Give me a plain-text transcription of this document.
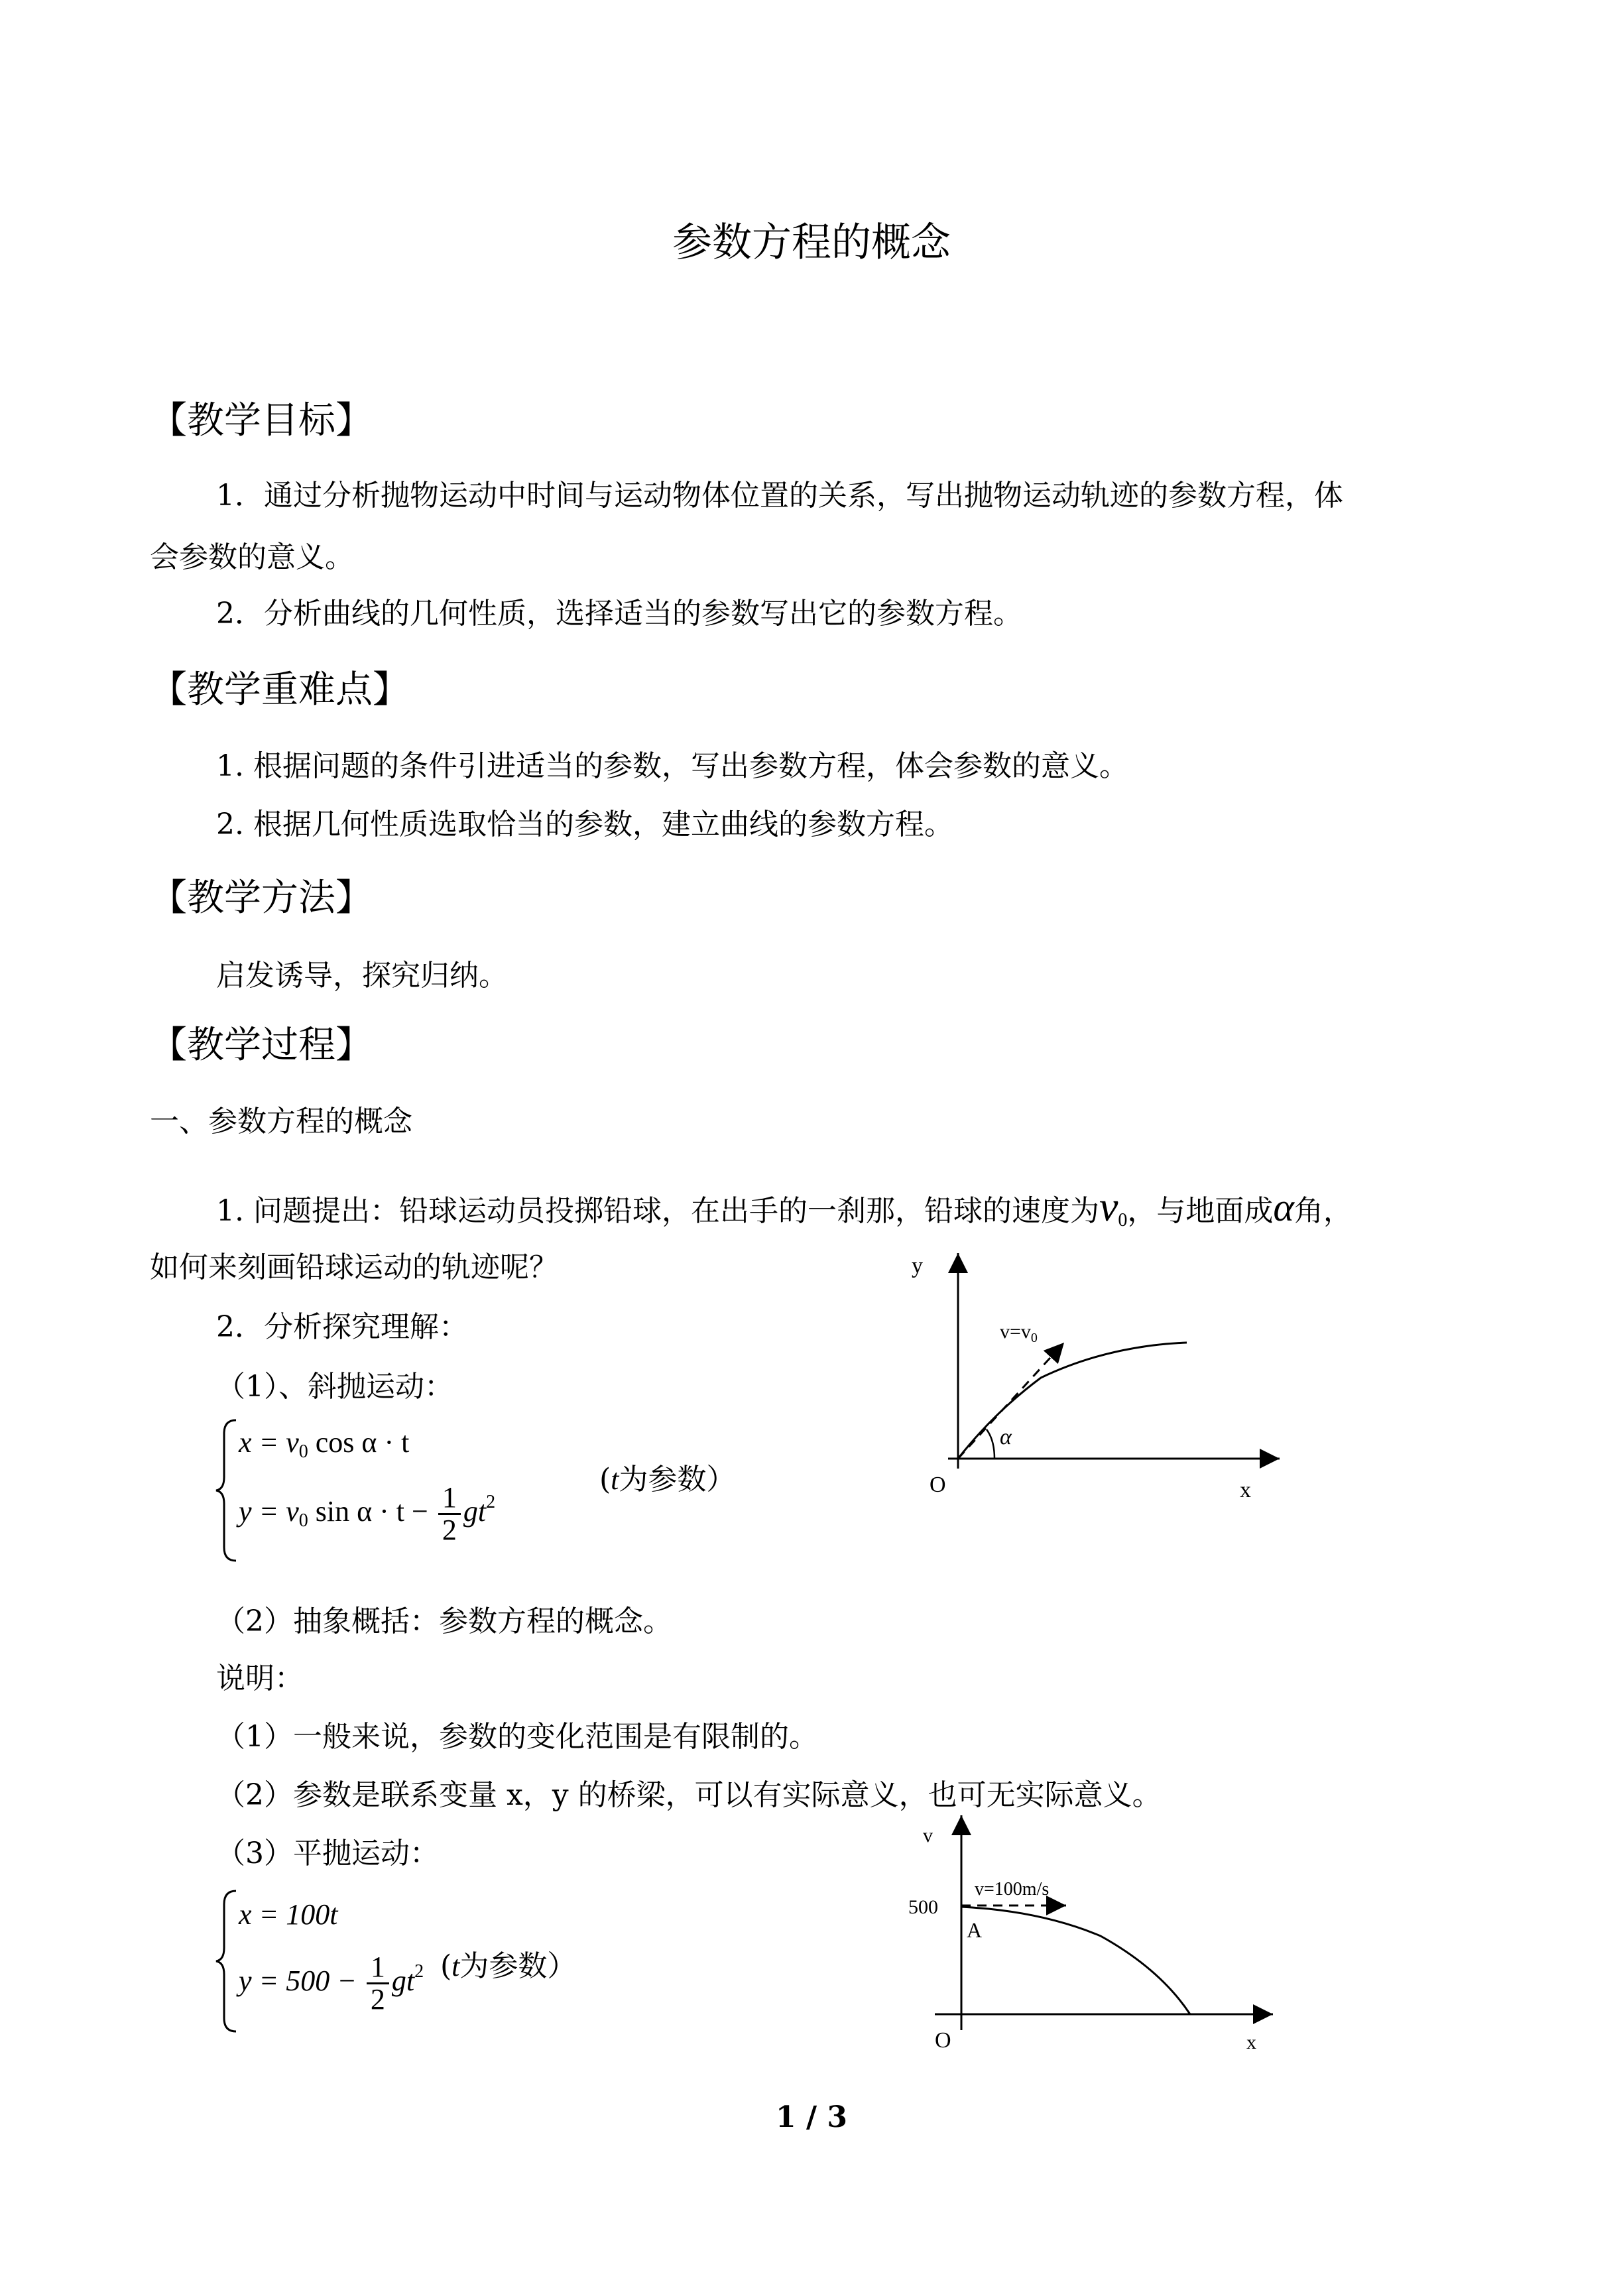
参数方程的概念
【教学目标】
1．通过分析抛物运动中时间与运动物体位置的关系，写出抛物运动轨迹的参数方程，体
会参数的意义。
2．分析曲线的几何性质，选择适当的参数写出它的参数方程。
【教学重难点】
1. 根据问题的条件引进适当的参数，写出参数方程，体会参数的意义。
2. 根据几何性质选取恰当的参数，建立曲线的参数方程。
【教学方法】
启发诱导，探究归纳。
【教学过程】
一、参数方程的概念
1. 问题提出：铅球运动员投掷铅球，在出手的一刹那，铅球的速度为$v_0$，与地面成α角，
如何来刻画铅球运动的轨迹呢？
2．分析探究理解：
（1）、斜抛运动：
$x = v_0$ cos α · t
$y = v_0$ $\sin \alpha \cdot t - \frac{1}{2} gt^2$
(t为参数）
（2）抽象概括：参数方程的概念。
说明：
（1）一般来说，参数的变化范围是有限制的。
（2）参数是联系变量 x，y 的桥梁，可以有实际意义，也可无实际意义。
（3）平抛运动：
x = 100t
$y = 500 - \frac{1}{2} gt^2$ (t为参数）
y
x
O
$v=v_0$
α
v
x
O
500
A
v=100m/s
1 / 3
